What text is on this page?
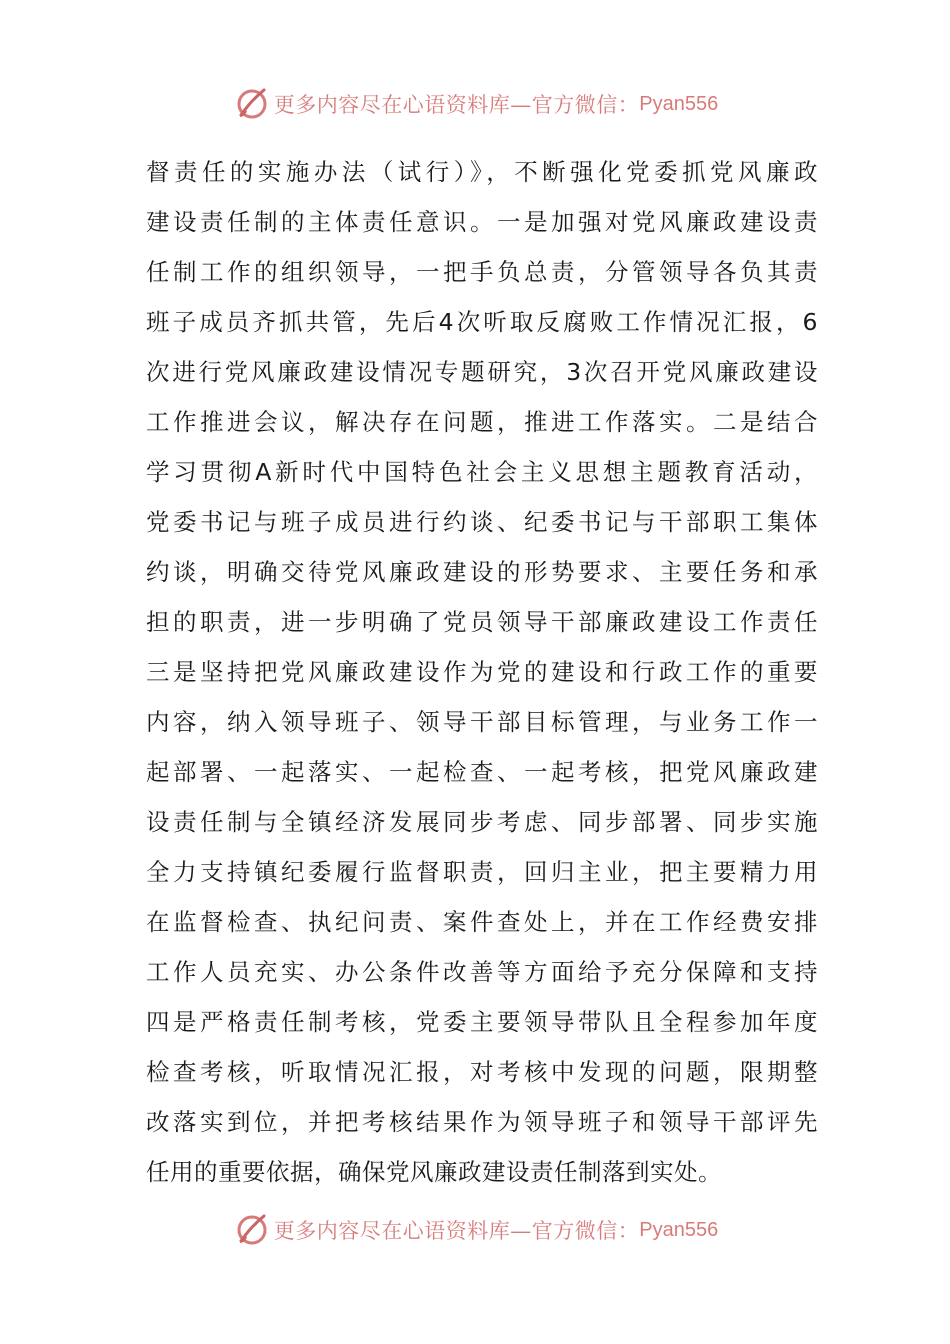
更多内容尽在心语资料库—官方微信： Pyan556
督责任的实施办法（试行）》，不断强化党委抓党风廉政
建设责任制的主体责任意识。一是加强对党风廉政建设责
任制工作的组织领导，一把手负总责，分管领导各负其责
班子成员齐抓共管，先后4次听取反腐败工作情况汇报，6
次进行党风廉政建设情况专题研究，3次召开党风廉政建设
工作推进会议，解决存在问题，推进工作落实。二是结合
学习贯彻A新时代中国特色社会主义思想主题教育活动，
党委书记与班子成员进行约谈、纪委书记与干部职工集体
约谈，明确交待党风廉政建设的形势要求、主要任务和承
担的职责，进一步明确了党员领导干部廉政建设工作责任
三是坚持把党风廉政建设作为党的建设和行政工作的重要
内容，纳入领导班子、领导干部目标管理，与业务工作一
起部署、一起落实、一起检查、一起考核，把党风廉政建
设责任制与全镇经济发展同步考虑、同步部署、同步实施
全力支持镇纪委履行监督职责，回归主业，把主要精力用
在监督检查、执纪问责、案件查处上，并在工作经费安排
工作人员充实、办公条件改善等方面给予充分保障和支持
四是严格责任制考核，党委主要领导带队且全程参加年度
检查考核，听取情况汇报，对考核中发现的问题，限期整
改落实到位，并把考核结果作为领导班子和领导干部评先
任用的重要依据，确保党风廉政建设责任制落到实处。
更多内容尽在心语资料库—官方微信： Pyan556
